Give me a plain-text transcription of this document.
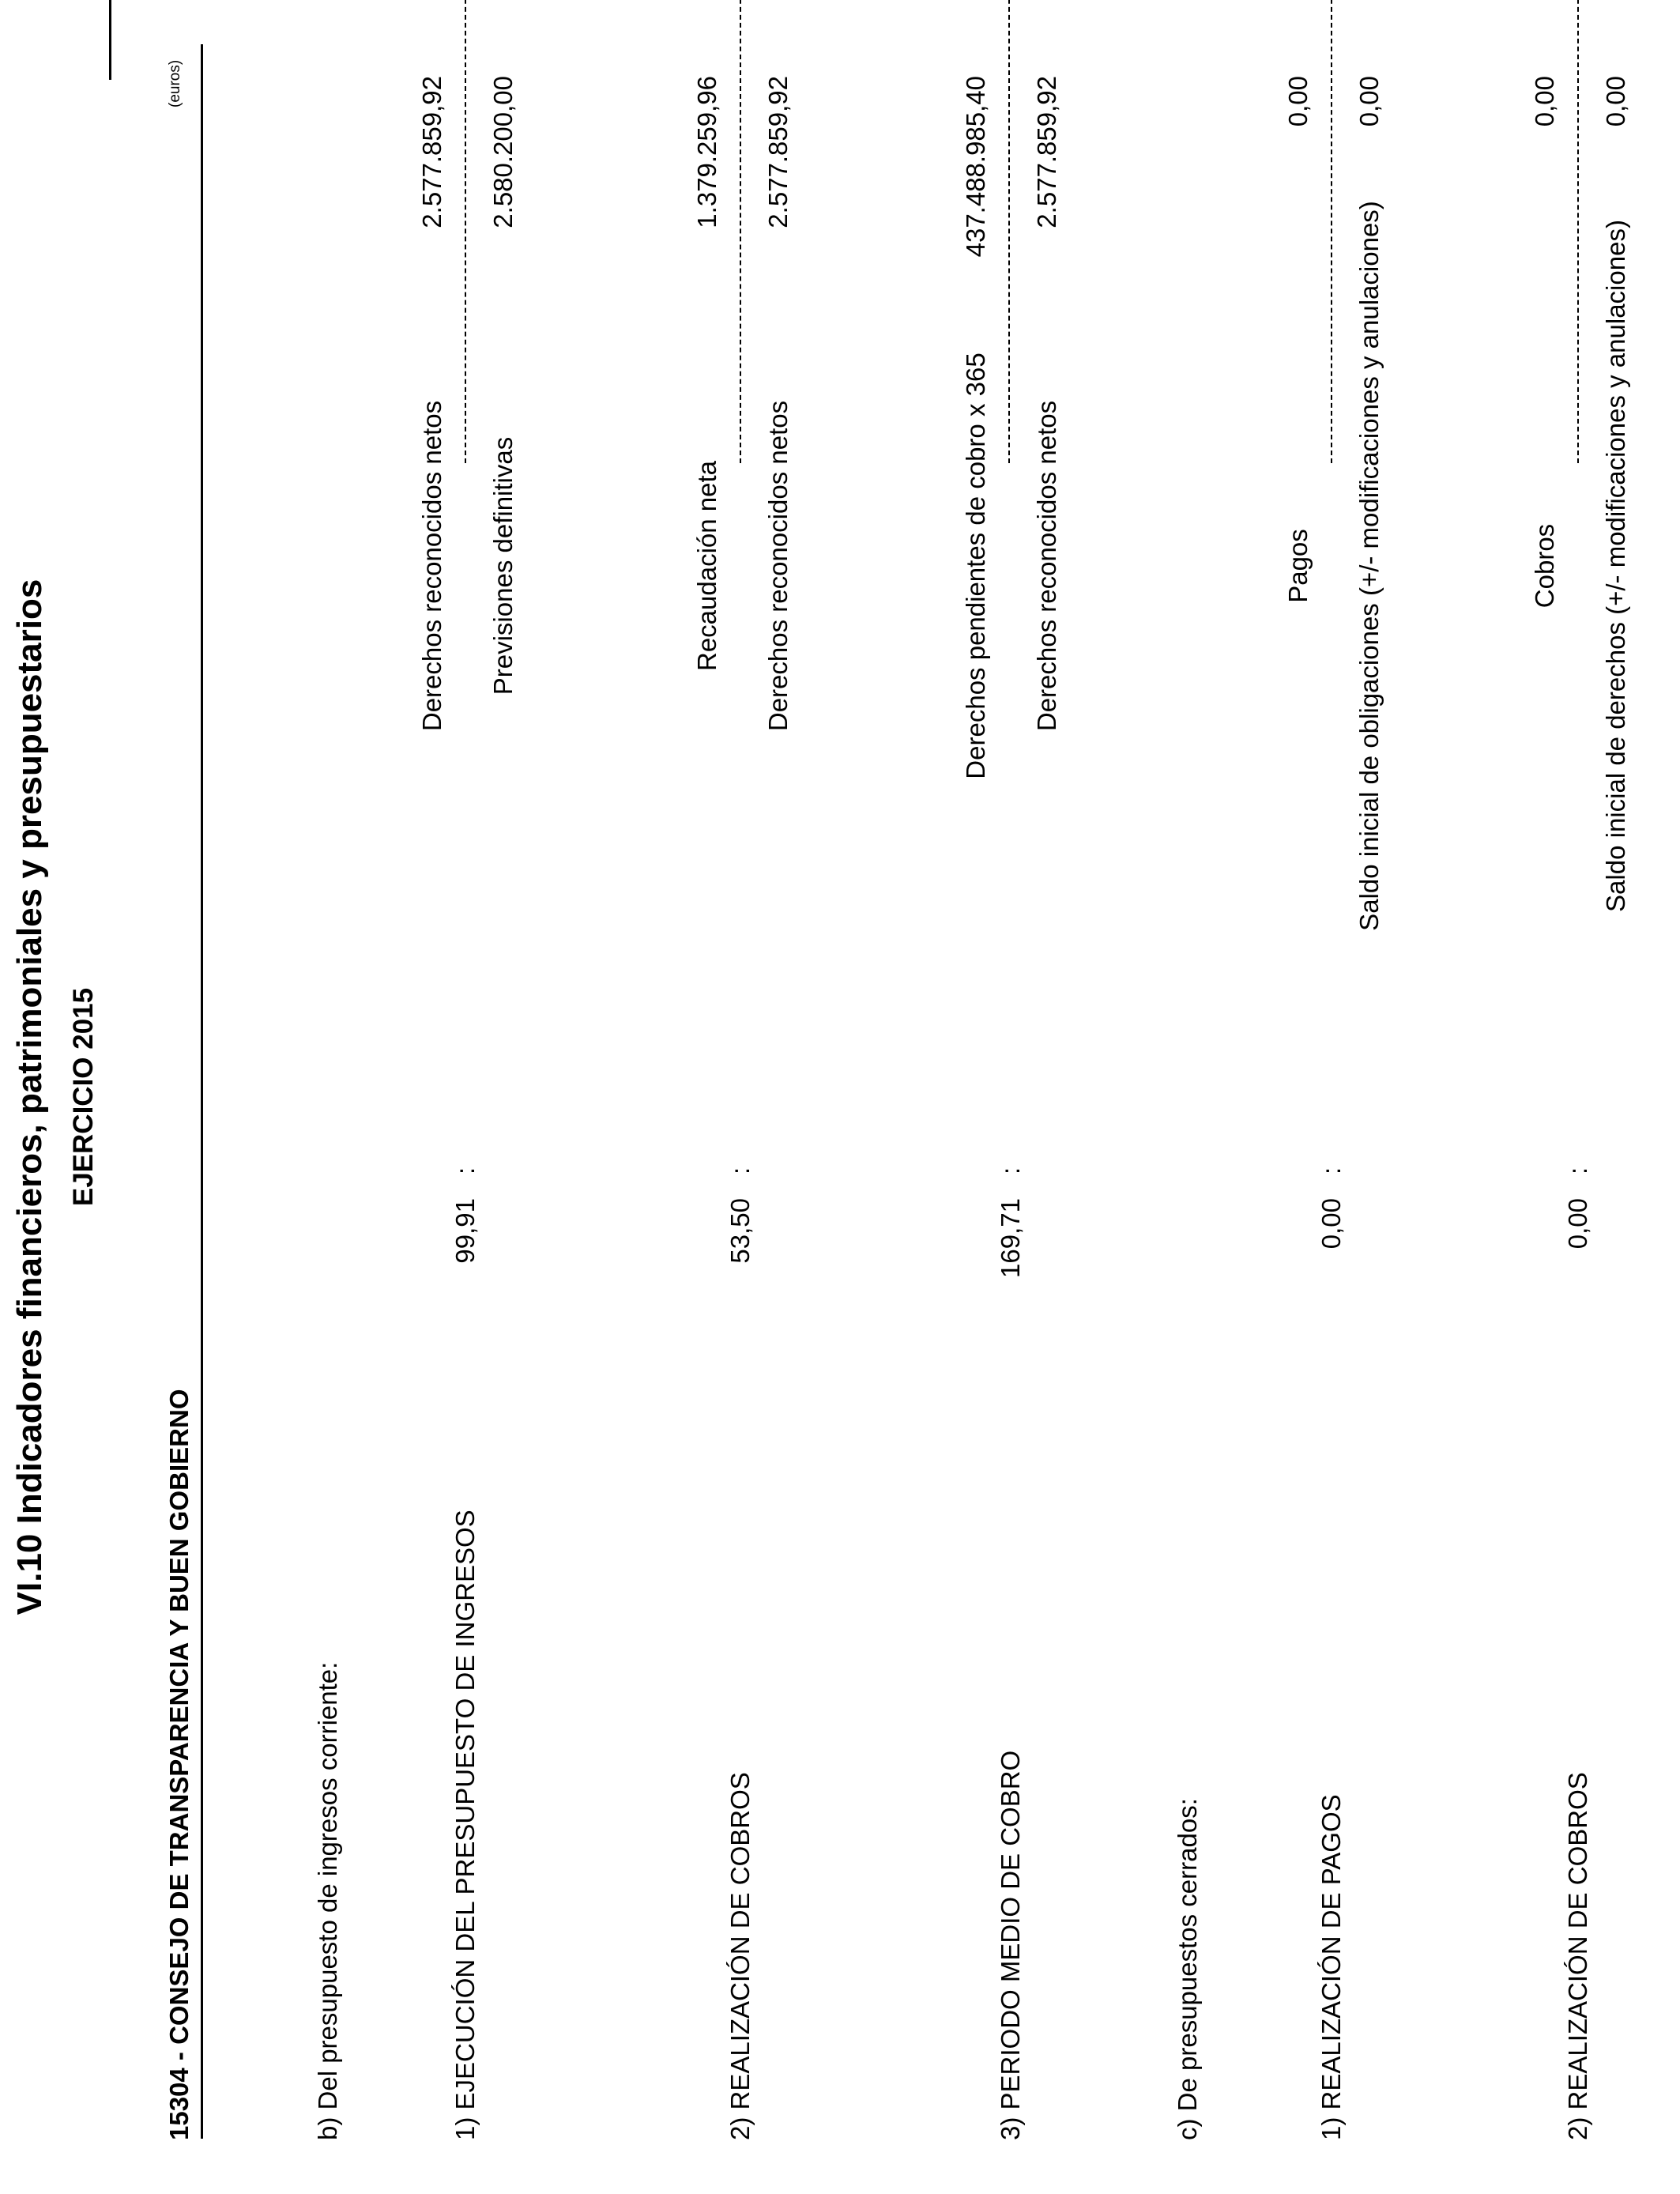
VI.10 Indicadores financieros, patrimoniales y presupuestarios EJERCICIO 2015
15304 - CONSEJO DE TRANSPARENCIA Y BUEN GOBIERNO
(euros)
b) Del presupuesto de ingresos corriente:	1) EJECUCIÓN DEL PRESUPUESTO DE INGRESOS
99,91
:
Derechos reconocidos netos Previsiones definitivas
2.577.859,92 2.580.200,00
2) REALIZACIÓN DE COBROS
53,50
:
Recaudación neta Derechos reconocidos netos
1.379.259,96 2.577.859,92
3) PERIODO MEDIO DE COBRO
169,71
:
Derechos pendientes de cobro x 365 Derechos reconocidos netos
437.488.985,40 2.577.859,92
c) De presupuestos cerrados:	1) REALIZACIÓN DE PAGOS
0,00
:
Pagos Saldo inicial de obligaciones (+/- modificaciones y anulaciones)
0,00 0,00
2) REALIZACIÓN DE COBROS
0,00
:
Cobros Saldo inicial de derechos (+/- modificaciones y anulaciones)
0,00 0,00
